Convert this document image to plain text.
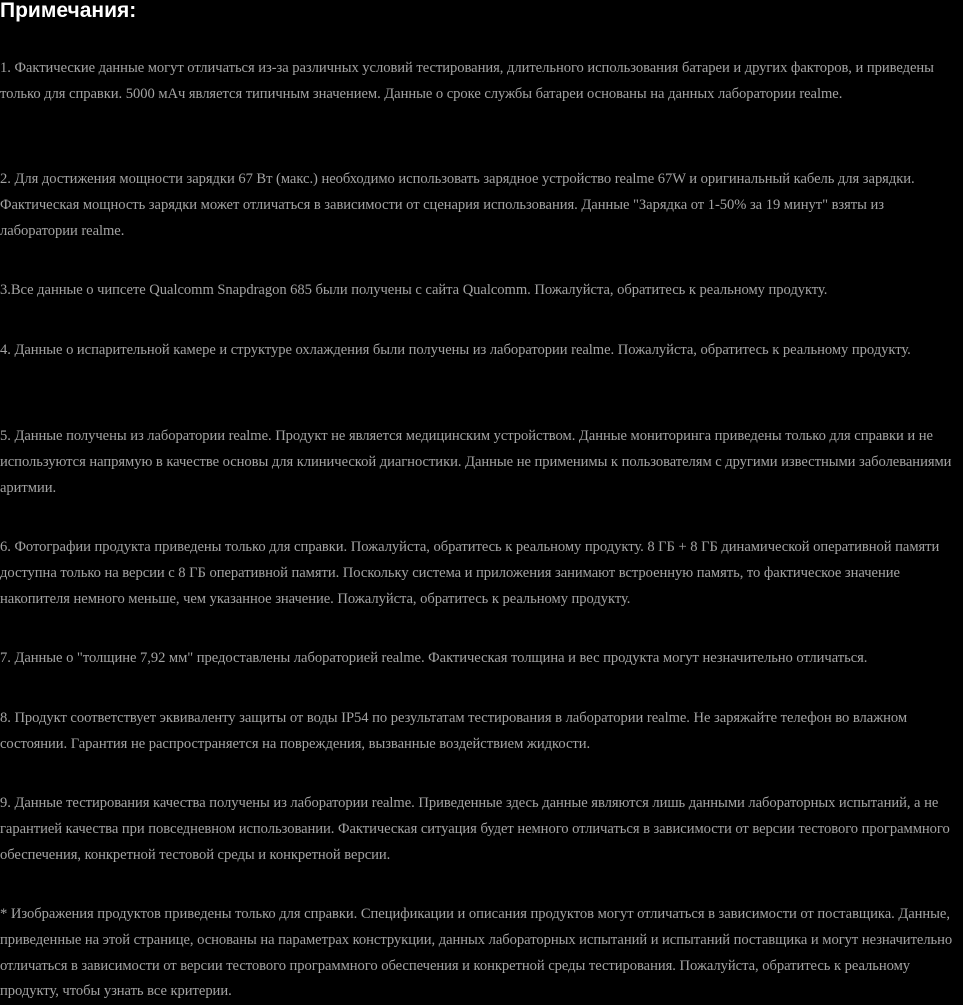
Примечания:

1. Фактические данные могут отличаться из-за различных условий тестирования, длительного использования батареи и других факторов, и приведены только для справки. 5000 мАч является типичным значением. Данные о сроке службы батареи основаны на данных лаборатории realme.

2. Для достижения мощности зарядки 67 Вт (макс.) необходимо использовать зарядное устройство realme 67W и оригинальный кабель для зарядки. Фактическая мощность зарядки может отличаться в зависимости от сценария использования. Данные "Зарядка от 1-50% за 19 минут" взяты из лаборатории realme.

3.Все данные о чипсете Qualcomm Snapdragon 685 были получены с сайта Qualcomm. Пожалуйста, обратитесь к реальному продукту.

4. Данные о испарительной камере и структуре охлаждения были получены из лаборатории realme. Пожалуйста, обратитесь к реальному продукту.

5. Данные получены из лаборатории realme. Продукт не является медицинским устройством. Данные мониторинга приведены только для справки и не используются напрямую в качестве основы для клинической диагностики. Данные не применимы к пользователям с другими известными заболеваниями аритмии.

6. Фотографии продукта приведены только для справки. Пожалуйста, обратитесь к реальному продукту. 8 ГБ + 8 ГБ динамической оперативной памяти доступна только на версии с 8 ГБ оперативной памяти. Поскольку система и приложения занимают встроенную память, то фактическое значение накопителя немного меньше, чем указанное значение. Пожалуйста, обратитесь к реальному продукту.

7. Данные о "толщине 7,92 мм" предоставлены лабораторией realme. Фактическая толщина и вес продукта могут незначительно отличаться.

8. Продукт соответствует эквиваленту защиты от воды IP54 по результатам тестирования в лаборатории realme. Не заряжайте телефон во влажном состоянии. Гарантия не распространяется на повреждения, вызванные воздействием жидкости.

9. Данные тестирования качества получены из лаборатории realme. Приведенные здесь данные являются лишь данными лабораторных испытаний, а не гарантией качества при повседневном использовании. Фактическая ситуация будет немного отличаться в зависимости от версии тестового программного обеспечения, конкретной тестовой среды и конкретной версии.

* Изображения продуктов приведены только для справки. Спецификации и описания продуктов могут отличаться в зависимости от поставщика. Данные, приведенные на этой странице, основаны на параметрах конструкции, данных лабораторных испытаний и испытаний поставщика и могут незначительно отличаться в зависимости от версии тестового программного обеспечения и конкретной среды тестирования. Пожалуйста, обратитесь к реальному продукту, чтобы узнать все критерии.
